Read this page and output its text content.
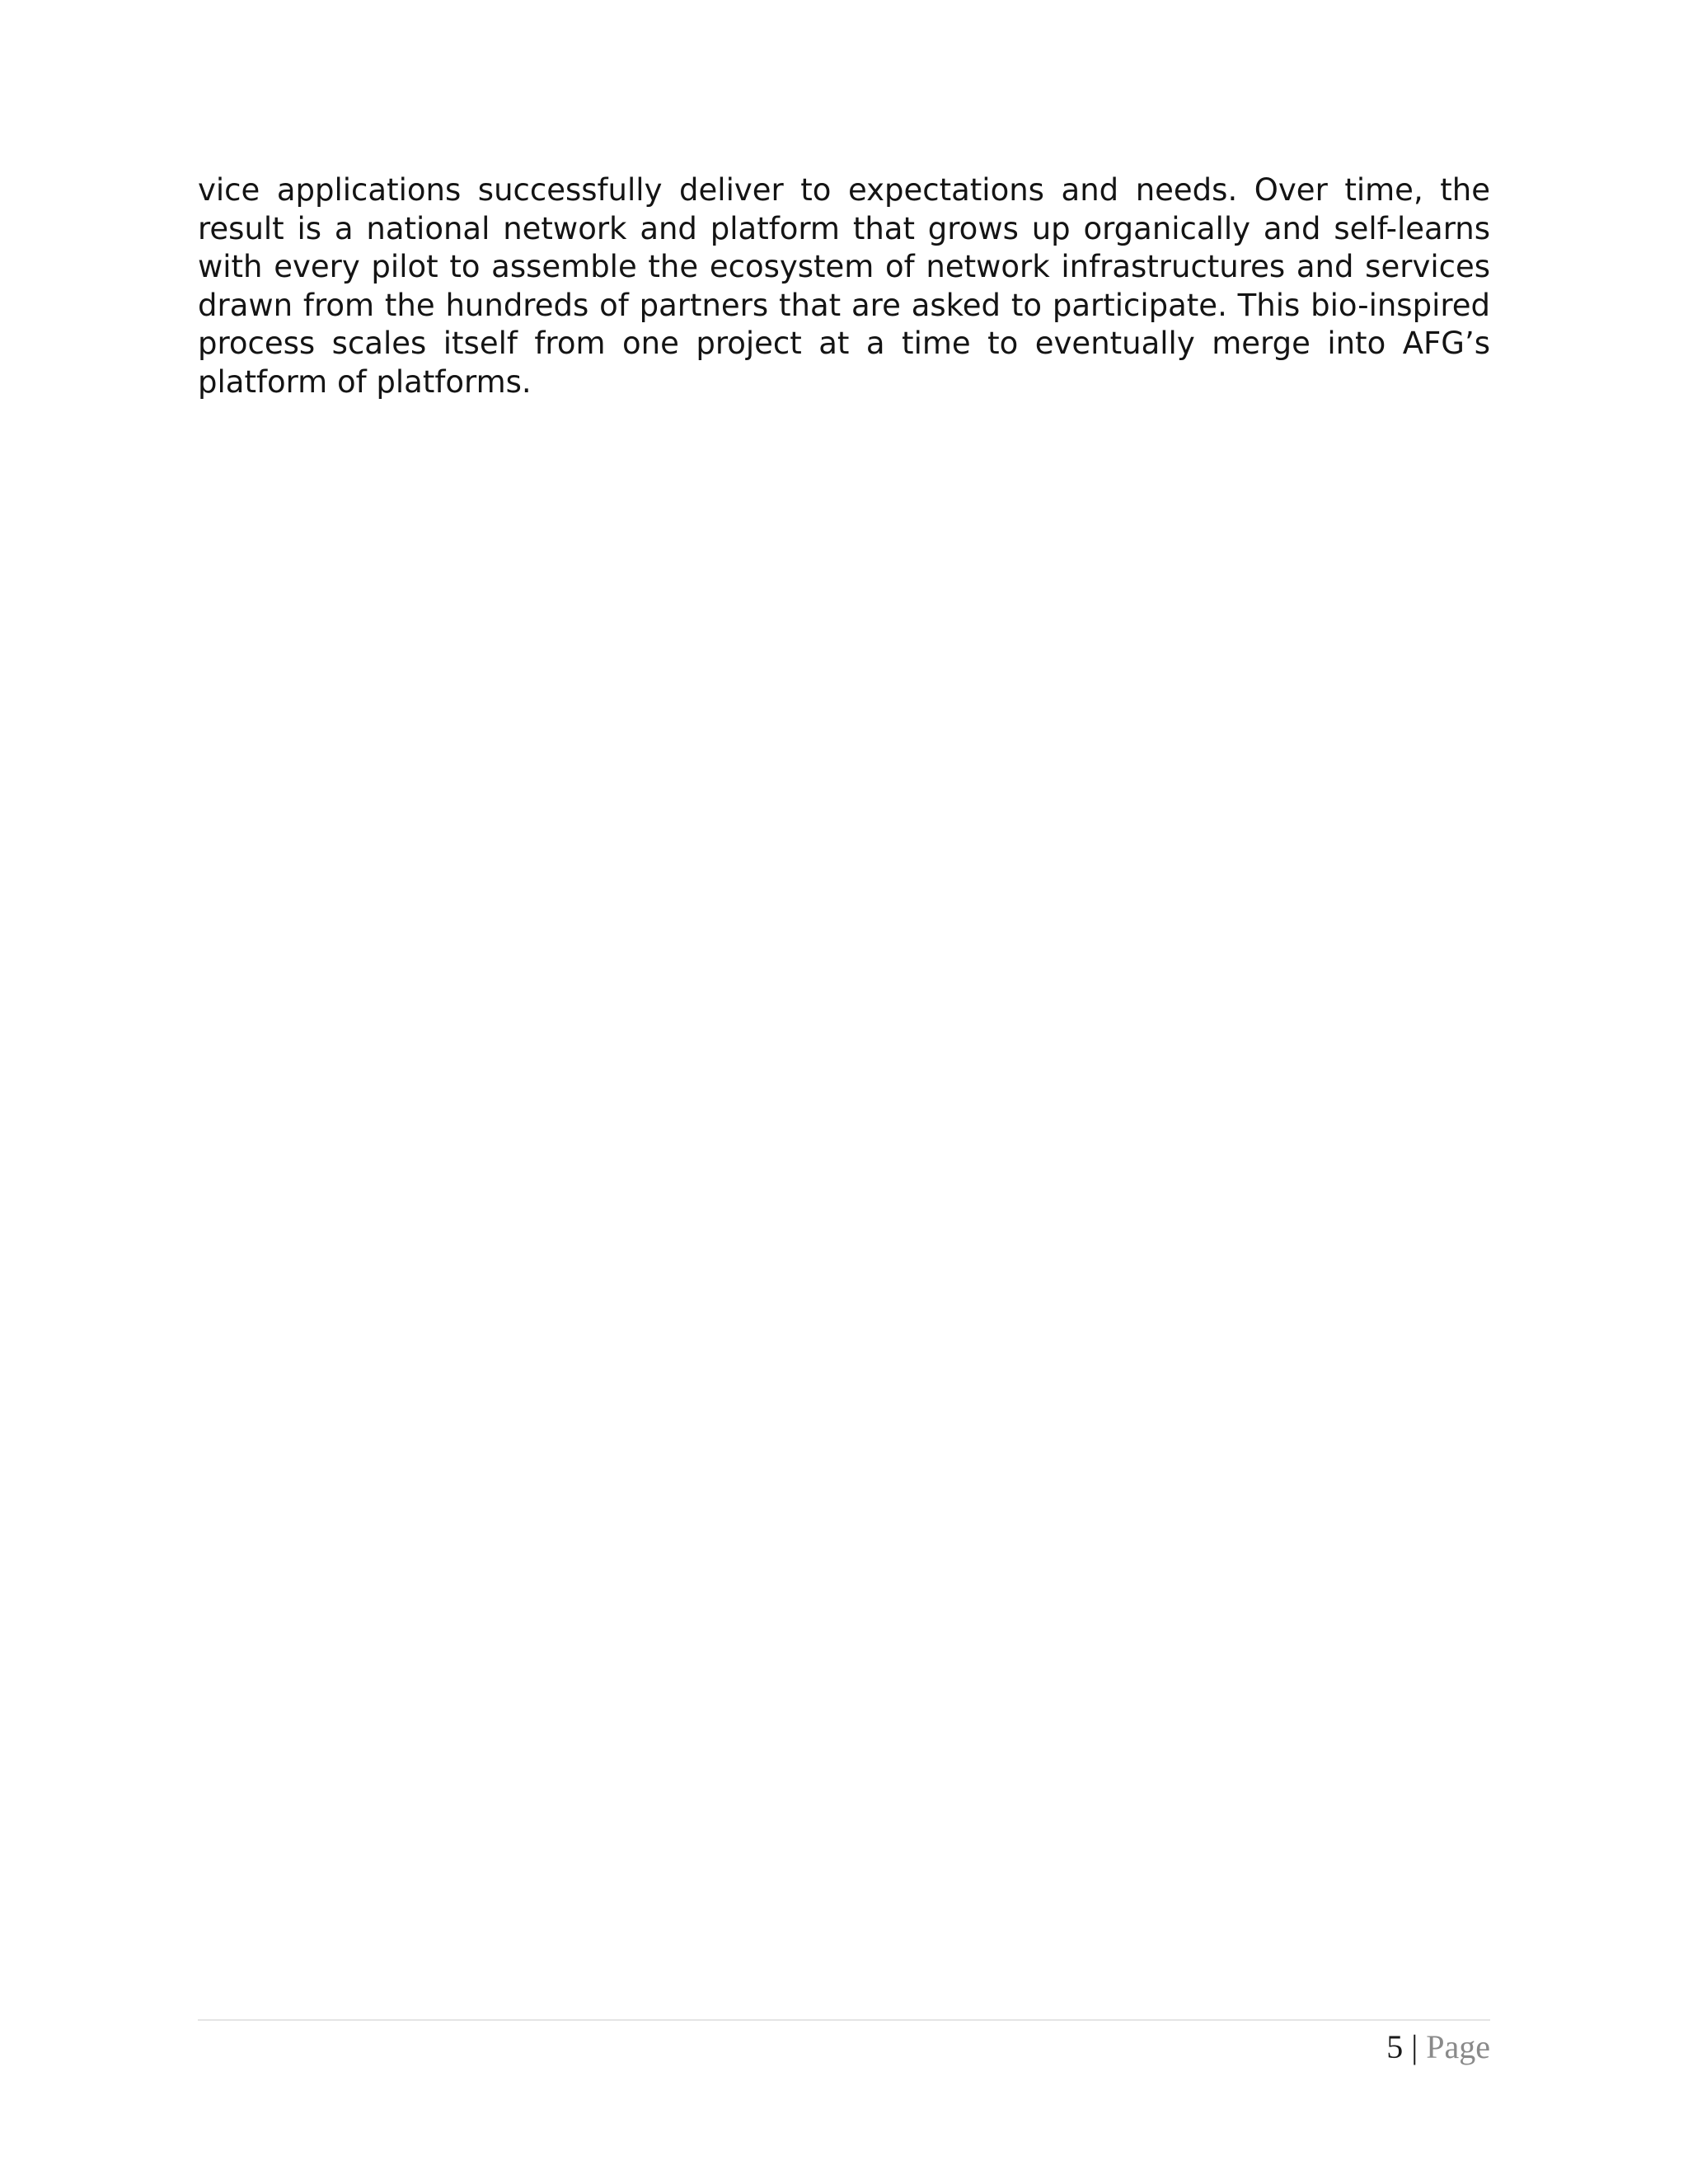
vice applications successfully deliver to expectations and needs. Over time, the result is a national network and platform that grows up organically and self-learns with every pilot to assemble the ecosystem of network infrastructures and services drawn from the hundreds of partners that are asked to participate. This bio-inspired process scales itself from one project at a time to eventually merge into AFG’s platform of platforms.

5 | Page
